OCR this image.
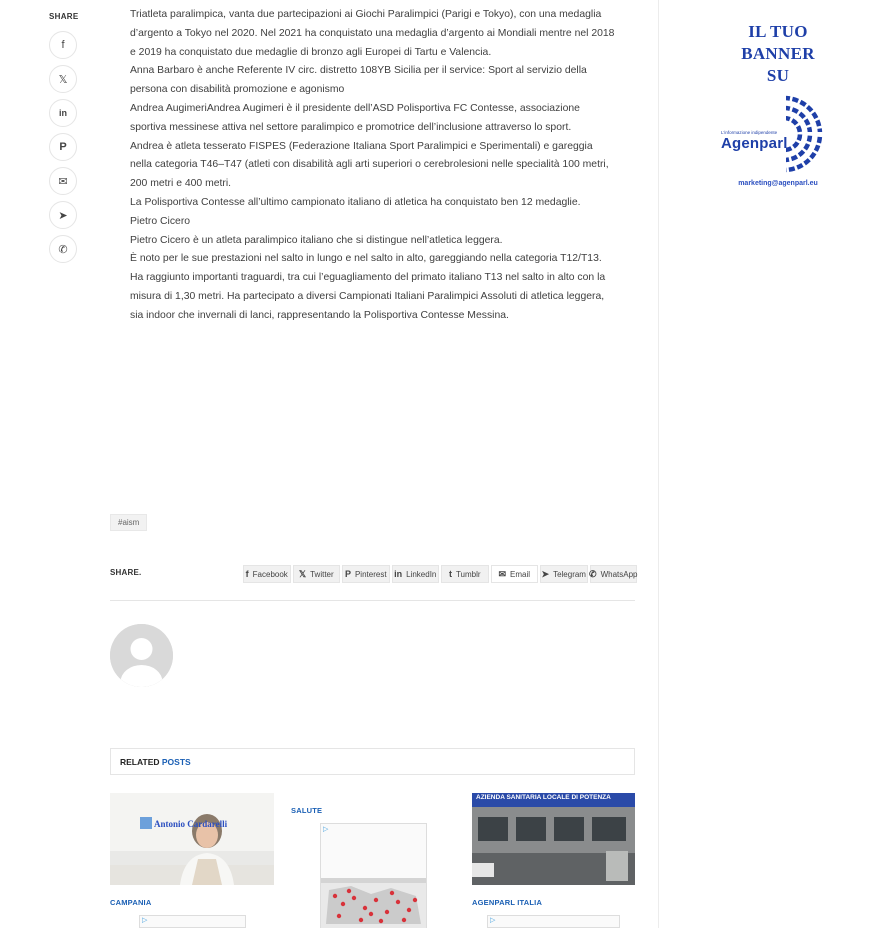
SHARE
f
𝕏
in
P
✉
➤
✆

Triatleta paralimpica, vanta due partecipazioni ai Giochi Paralimpici (Parigi e Tokyo), con una medaglia d’argento a Tokyo nel 2020. Nel 2021 ha conquistato una medaglia d’argento ai Mondiali mentre nel 2018 e 2019 ha conquistato due medaglie di bronzo agli Europei di Tartu e Valencia.

Anna Barbaro è anche Referente IV circ. distretto 108YB Sicilia per il service: Sport al servizio della persona con disabilità promozione e agonismo

Andrea AugimeriAndrea Augimeri è il presidente dell’ASD Polisportiva FC Contesse, associazione sportiva messinese attiva nel settore paralimpico e promotrice dell’inclusione attraverso lo sport.

Andrea è atleta tesserato FISPES (Federazione Italiana Sport Paralimpici e Sperimentali) e gareggia nella categoria T46–T47 (atleti con disabilità agli arti superiori o cerebrolesioni nelle specialità 100 metri, 200 metri e 400 metri.

La Polisportiva Contesse all’ultimo campionato italiano di atletica ha conquistato ben 12 medaglie.

Pietro Cicero

Pietro Cicero è un atleta paralimpico italiano che si distingue nell’atletica leggera.

È noto per le sue prestazioni nel salto in lungo e nel salto in alto, gareggiando nella categoria T12/T13. Ha raggiunto importanti traguardi, tra cui l’eguagliamento del primato italiano T13 nel salto in alto con la misura di 1,30 metri. Ha partecipato a diversi Campionati Italiani Paralimpici Assoluti di atletica leggera, sia indoor che invernali di lanci, rappresentando la Polisportiva Contesse Messina.

#aism
SHARE.	f Facebook 𝕏 Twitter P Pinterest in LinkedIn t Tumblr ✉ Email ➤ Telegram ✆ WhatsApp
RELATED POSTS
Antonio Cardarelli
CAMPANIA
▷
SALUTE
▷
AZIENDA SANITARIA LOCALE DI POTENZA
AGENPARL ITALIA
▷
IL TUO
BANNER
SU
L'informazione indipendente
Agenparl
marketing@agenparl.eu
